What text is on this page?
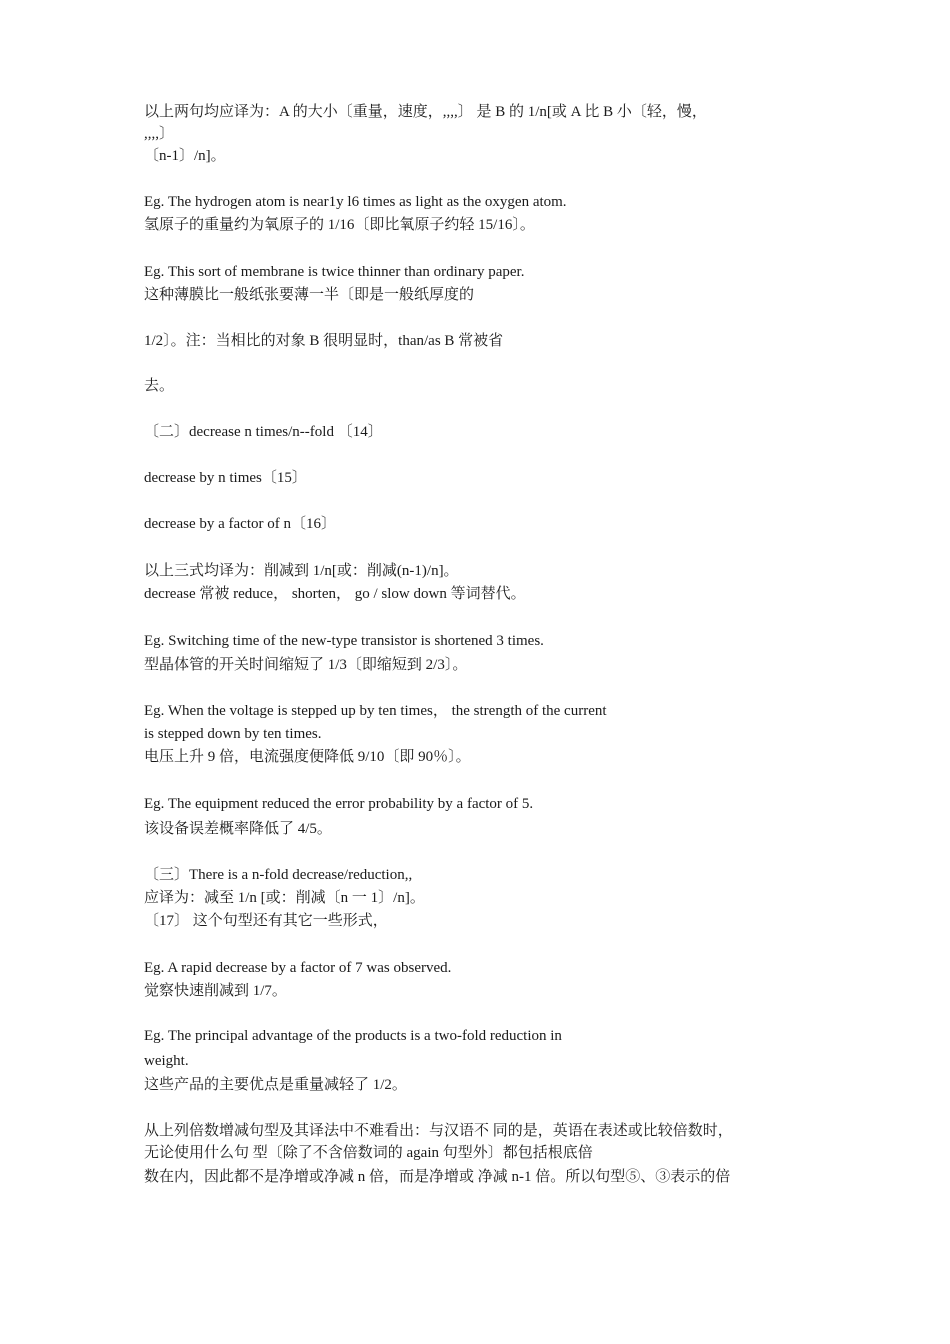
以上两句均应译为：A 的大小〔重量，速度，,,,,〕 是 B 的 1/n[或 A 比 B 小〔轻，慢，
,,,,〕
〔n-1〕/n]。
Eg. The hydrogen atom is near1y l6 times as light as the oxygen atom.
氢原子的重量约为氧原子的 1/16〔即比氧原子约轻 15/16〕。
Eg. This sort of membrane is twice thinner than ordinary paper.
这种薄膜比一般纸张要薄一半〔即是一般纸厚度的
1/2〕。注：当相比的对象 B 很明显时，than/as B 常被省
去。
〔二〕decrease n times/n--fold 〔14〕
decrease by n times〔15〕
decrease by a factor of n〔16〕
以上三式均译为：削减到 1/n[或：削减(n-1)/n]。
decrease 常被 reduce， shorten， go / slow down 等词替代。
Eg. Switching time of the new-type transistor is shortened 3 times.
型晶体管的开关时间缩短了 1/3〔即缩短到 2/3〕。
Eg. When the voltage is stepped up by ten times， the strength of the current
is stepped down by ten times.
电压上升 9 倍，电流强度便降低 9/10〔即 90％〕。
Eg. The equipment reduced the error probability by a factor of 5.
该设备误差概率降低了 4/5。
〔三〕There is a n-fold decrease/reduction,,
应译为：减至 1/n [或：削减〔n 一 1〕/n]。
〔17〕 这个句型还有其它一些形式，
Eg. A rapid decrease by a factor of 7 was observed.
觉察快速削减到 1/7。
Eg. The principal advantage of the products is a two-fold reduction in
weight.
这些产品的主要优点是重量减轻了 1/2。
从上列倍数增减句型及其译法中不难看出：与汉语不 同的是，英语在表述或比较倍数时，
无论使用什么句 型〔除了不含倍数词的 again 句型外〕都包括根底倍
数在内，因此都不是净增或净减 n 倍，而是净增或 净减 n-1 倍。所以句型⑤、③表示的倍
